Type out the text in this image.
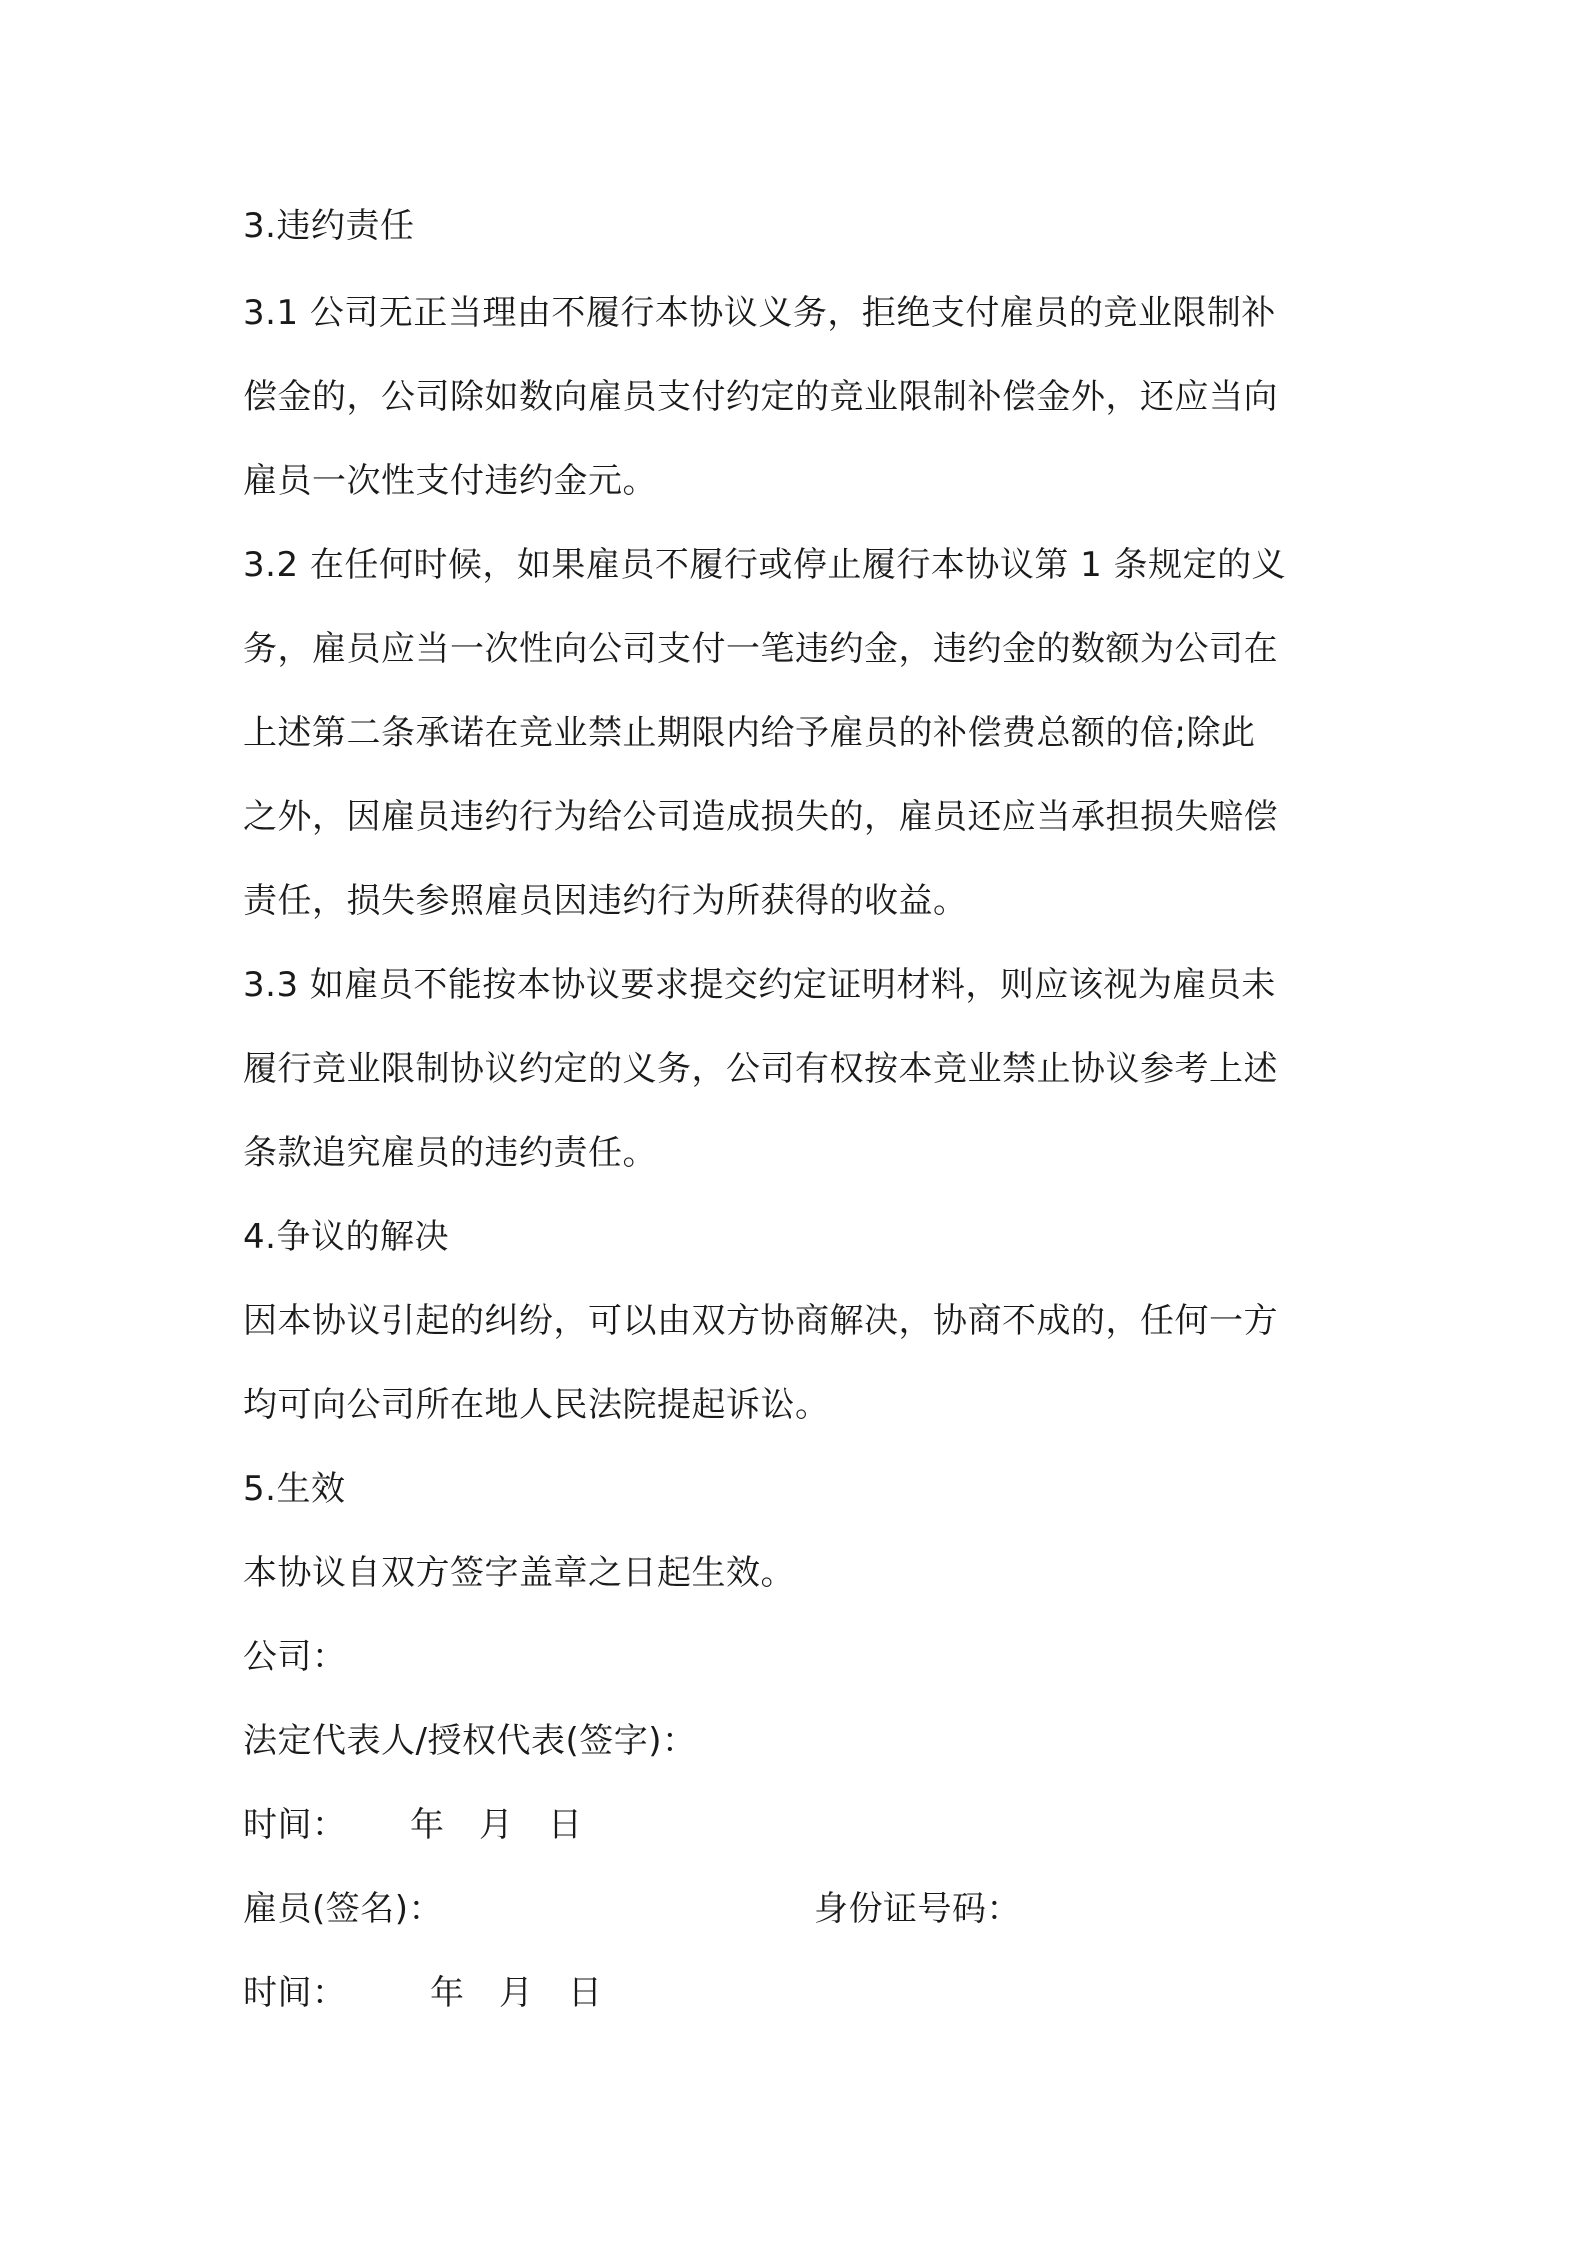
3.违约责任
3.1 公司无正当理由不履行本协议义务，拒绝支付雇员的竞业限制补
偿金的，公司除如数向雇员支付约定的竞业限制补偿金外，还应当向
雇员一次性支付违约金元。
3.2 在任何时候，如果雇员不履行或停止履行本协议第 1 条规定的义
务，雇员应当一次性向公司支付一笔违约金，违约金的数额为公司在
上述第二条承诺在竞业禁止期限内给予雇员的补偿费总额的倍;除此
之外，因雇员违约行为给公司造成损失的，雇员还应当承担损失赔偿
责任，损失参照雇员因违约行为所获得的收益。
3.3 如雇员不能按本协议要求提交约定证明材料，则应该视为雇员未
履行竞业限制协议约定的义务，公司有权按本竞业禁止协议参考上述
条款追究雇员的违约责任。
4.争议的解决
因本协议引起的纠纷，可以由双方协商解决，协商不成的，任何一方
均可向公司所在地人民法院提起诉讼。
5.生效
本协议自双方签字盖章之日起生效。
公司：
法定代表人/授权代表(签字)：
时间： 年　月　日
雇员(签名)：	身份证号码：
时间： 年　月　日
